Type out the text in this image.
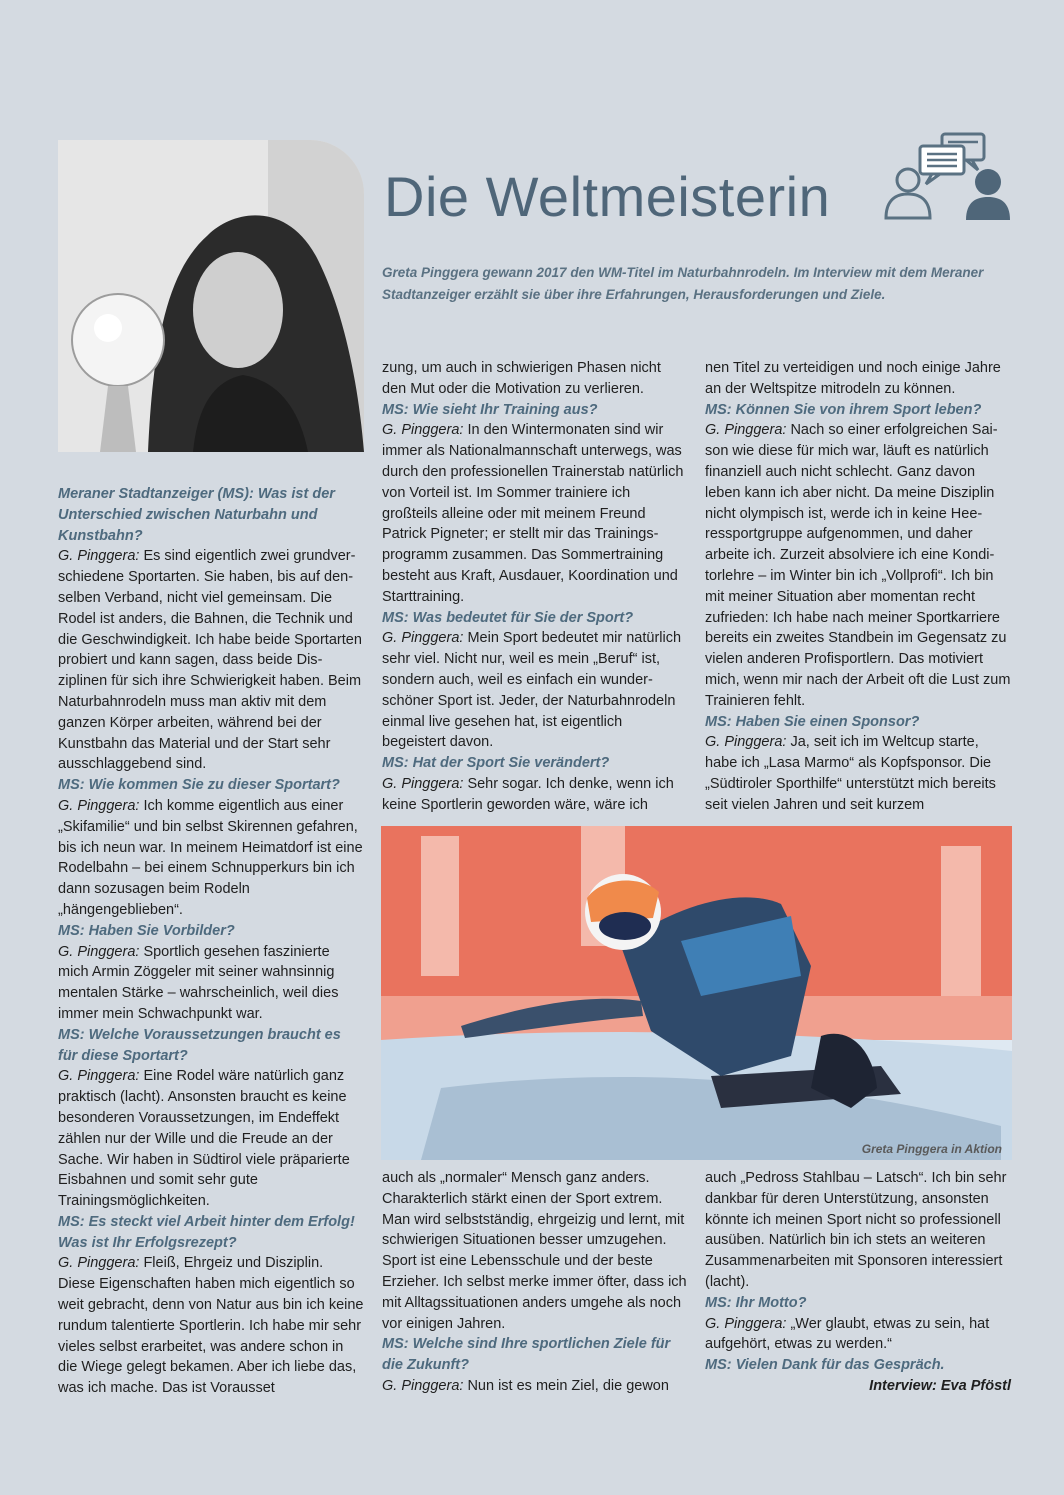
Die Weltmeisterin
Greta Pinggera gewann 2017 den WM-Titel im Naturbahnrodeln. Im Interview mit dem Meraner Stadtanzeiger erzählt sie über ihre Erfahrungen, Herausforderungen und Ziele.

Meraner Stadtanzeiger (MS): Was ist der Unterschied zwischen Naturbahn und Kunstbahn?

G. Pinggera: Es sind eigentlich zwei grundverschiedene Sportarten. Sie haben, bis auf denselben Verband, nicht viel gemeinsam. Die Rodel ist anders, die Bahnen, die Technik und die Geschwindigkeit. Ich habe beide Sportarten probiert und kann sagen, dass beide Disziplinen für sich ihre Schwierigkeit haben. Beim Naturbahnrodeln muss man aktiv mit dem ganzen Körper arbeiten, während bei der Kunstbahn das Material und der Start sehr ausschlaggebend sind.

MS: Wie kommen Sie zu dieser Sportart?

G. Pinggera: Ich komme eigentlich aus einer „Skifamilie“ und bin selbst Skirennen gefahren, bis ich neun war. In meinem Heimatdorf ist eine Rodelbahn – bei einem Schnupperkurs bin ich dann sozusagen beim Rodeln „hängengeblieben“.

MS: Haben Sie Vorbilder?

G. Pinggera: Sportlich gesehen faszinierte mich Armin Zöggeler mit seiner wahnsinnig mentalen Stärke – wahrscheinlich, weil dies immer mein Schwachpunkt war.

MS: Welche Voraussetzungen braucht es für diese Sportart?

G. Pinggera: Eine Rodel wäre natürlich ganz praktisch (lacht). Ansonsten braucht es keine besonderen Voraussetzungen, im Endeffekt zählen nur der Wille und die Freude an der Sache. Wir haben in Südtirol viele präparierte Eisbahnen und somit sehr gute Trainingsmöglichkeiten.

MS: Es steckt viel Arbeit hinter dem Erfolg! Was ist Ihr Erfolgsrezept?

G. Pinggera: Fleiß, Ehrgeiz und Disziplin. Diese Eigenschaften haben mich eigentlich so weit gebracht, denn von Natur aus bin ich keine rundum talentierte Sportlerin. Ich habe mir sehr vieles selbst erarbeitet, was andere schon in die Wiege gelegt bekamen. Aber ich liebe das, was ich mache. Das ist Vorausset

zung, um auch in schwierigen Phasen nicht den Mut oder die Motivation zu verlieren.

MS: Wie sieht Ihr Training aus?

G. Pinggera: In den Wintermonaten sind wir immer als Nationalmannschaft unterwegs, was durch den professionellen Trainerstab natürlich von Vorteil ist. Im Sommer trainiere ich großteils alleine oder mit meinem Freund Patrick Pigneter; er stellt mir das Trainingsprogramm zusammen. Das Sommertraining besteht aus Kraft, Ausdauer, Koordination und Starttraining.

MS: Was bedeutet für Sie der Sport?

G. Pinggera: Mein Sport bedeutet mir natürlich sehr viel. Nicht nur, weil es mein „Beruf“ ist, sondern auch, weil es einfach ein wunderschöner Sport ist. Jeder, der Naturbahnrodeln einmal live gesehen hat, ist eigentlich begeistert davon.

MS: Hat der Sport Sie verändert?

G. Pinggera: Sehr sogar. Ich denke, wenn ich keine Sportlerin geworden wäre, wäre ich

nen Titel zu verteidigen und noch einige Jahre an der Weltspitze mitrodeln zu können.

MS: Können Sie von ihrem Sport leben?

G. Pinggera: Nach so einer erfolgreichen Saison wie diese für mich war, läuft es natürlich finanziell auch nicht schlecht. Ganz davon leben kann ich aber nicht. Da meine Disziplin nicht olympisch ist, werde ich in keine Heeressportgruppe aufgenommen, und daher arbeite ich. Zurzeit absolviere ich eine Konditorlehre – im Winter bin ich „Vollprofi“. Ich bin mit meiner Situation aber momentan recht zufrieden: Ich habe nach meiner Sportkarriere bereits ein zweites Standbein im Gegensatz zu vielen anderen Profisportlern. Das motiviert mich, wenn mir nach der Arbeit oft die Lust zum Trainieren fehlt.

MS: Haben Sie einen Sponsor?

G. Pinggera: Ja, seit ich im Weltcup starte, habe ich „Lasa Marmo“ als Kopfsponsor. Die „Südtiroler Sporthilfe“ unterstützt mich bereits seit vielen Jahren und seit kurzem

Greta Pinggera in Aktion

auch als „normaler“ Mensch ganz anders. Charakterlich stärkt einen der Sport extrem. Man wird selbstständig, ehrgeizig und lernt, mit schwierigen Situationen besser umzugehen. Sport ist eine Lebensschule und der beste Erzieher. Ich selbst merke immer öfter, dass ich mit Alltagssituationen anders umgehe als noch vor einigen Jahren.

MS: Welche sind Ihre sportlichen Ziele für die Zukunft?

G. Pinggera: Nun ist es mein Ziel, die gewon

auch „Pedross Stahlbau – Latsch“. Ich bin sehr dankbar für deren Unterstützung, ansonsten könnte ich meinen Sport nicht so professionell ausüben. Natürlich bin ich stets an weiteren Zusammenarbeiten mit Sponsoren interessiert (lacht).

MS: Ihr Motto?

G. Pinggera: „Wer glaubt, etwas zu sein, hat aufgehört, etwas zu werden.“

MS: Vielen Dank für das Gespräch.

Interview: Eva Pföstl
